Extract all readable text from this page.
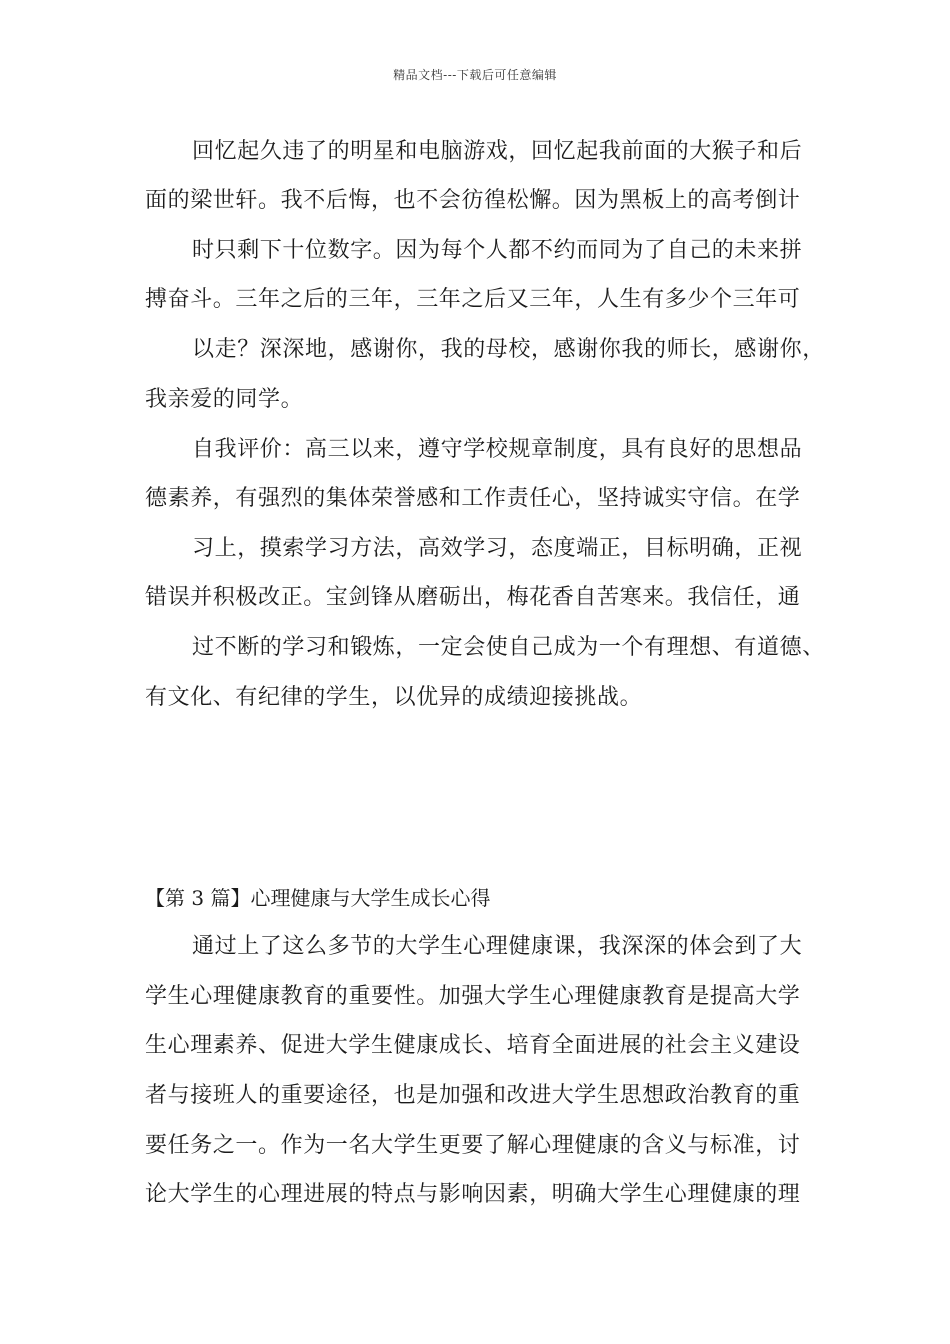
精品文档---下载后可任意编辑
回忆起久违了的明星和电脑游戏，回忆起我前面的大猴子和后
面的梁世轩。我不后悔，也不会彷徨松懈。因为黑板上的高考倒计
时只剩下十位数字。因为每个人都不约而同为了自己的未来拼
搏奋斗。三年之后的三年，三年之后又三年，人生有多少个三年可
以走？深深地，感谢你，我的母校，感谢你我的师长，感谢你，
我亲爱的同学。
自我评价：高三以来，遵守学校规章制度，具有良好的思想品
德素养，有强烈的集体荣誉感和工作责任心，坚持诚实守信。在学
习上，摸索学习方法，高效学习，态度端正，目标明确，正视
错误并积极改正。宝剑锋从磨砺出，梅花香自苦寒来。我信任，通
过不断的学习和锻炼，一定会使自己成为一个有理想、有道德、
有文化、有纪律的学生，以优异的成绩迎接挑战。
【第 3 篇】心理健康与大学生成长心得
通过上了这么多节的大学生心理健康课，我深深的体会到了大
学生心理健康教育的重要性。加强大学生心理健康教育是提高大学
生心理素养、促进大学生健康成长、培育全面进展的社会主义建设
者与接班人的重要途径，也是加强和改进大学生思想政治教育的重
要任务之一。作为一名大学生更要了解心理健康的含义与标准，讨
论大学生的心理进展的特点与影响因素，明确大学生心理健康的理
